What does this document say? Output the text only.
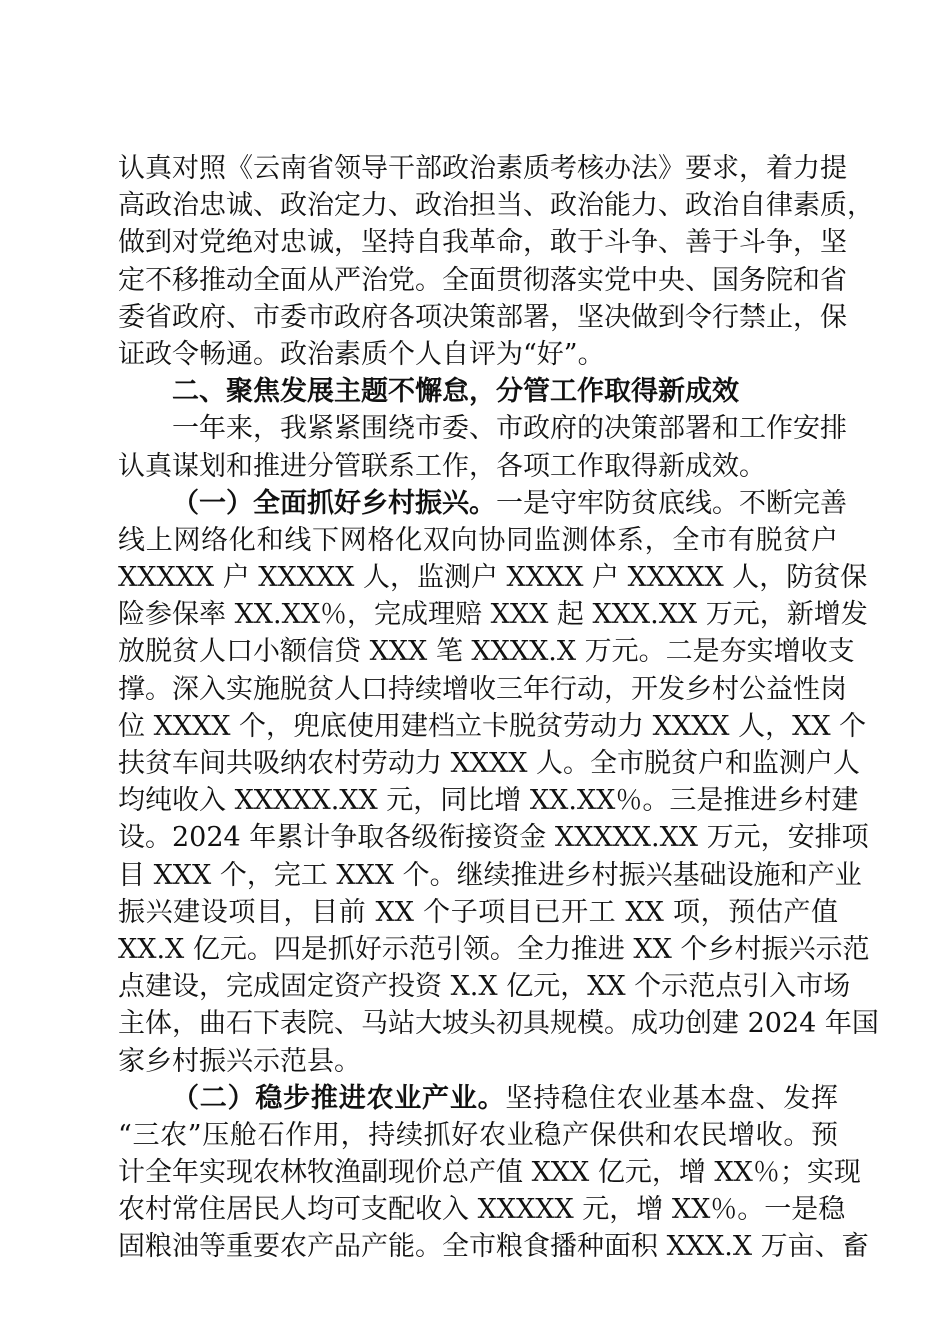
认真对照《云南省领导干部政治素质考核办法》要求，着力提
高政治忠诚、政治定力、政治担当、政治能力、政治自律素质，
做到对党绝对忠诚，坚持自我革命，敢于斗争、善于斗争，坚
定不移推动全面从严治党。全面贯彻落实党中央、国务院和省
委省政府、市委市政府各项决策部署，坚决做到令行禁止，保
证政令畅通。政治素质个人自评为“好”。
二、聚焦发展主题不懈怠，分管工作取得新成效
一年来，我紧紧围绕市委、市政府的决策部署和工作安排
认真谋划和推进分管联系工作，各项工作取得新成效。
（一）全面抓好乡村振兴。一是守牢防贫底线。不断完善
线上网络化和线下网格化双向协同监测体系，全市有脱贫户
XXXXX 户 XXXXX 人，监测户 XXXX 户 XXXXX 人，防贫保
险参保率 XX.XX％，完成理赔 XXX 起 XXX.XX 万元，新增发
放脱贫人口小额信贷 XXX 笔 XXXX.X 万元。二是夯实增收支
撑。深入实施脱贫人口持续增收三年行动，开发乡村公益性岗
位 XXXX 个，兜底使用建档立卡脱贫劳动力 XXXX 人，XX 个
扶贫车间共吸纳农村劳动力 XXXX 人。全市脱贫户和监测户人
均纯收入 XXXXX.XX 元，同比增 XX.XX％。三是推进乡村建
设。2024 年累计争取各级衔接资金 XXXXX.XX 万元，安排项
目 XXX 个，完工 XXX 个。继续推进乡村振兴基础设施和产业
振兴建设项目，目前 XX 个子项目已开工 XX 项，预估产值
XX.X 亿元。四是抓好示范引领。全力推进 XX 个乡村振兴示范
点建设，完成固定资产投资 X.X 亿元，XX 个示范点引入市场
主体，曲石下表院、马站大坡头初具规模。成功创建 2024 年国
家乡村振兴示范县。
（二）稳步推进农业产业。坚持稳住农业基本盘、发挥
“三农”压舱石作用，持续抓好农业稳产保供和农民增收。预
计全年实现农林牧渔副现价总产值 XXX 亿元，增 XX％；实现
农村常住居民人均可支配收入 XXXXX 元，增 XX％。一是稳
固粮油等重要农产品产能。全市粮食播种面积 XXX.X 万亩、畜
